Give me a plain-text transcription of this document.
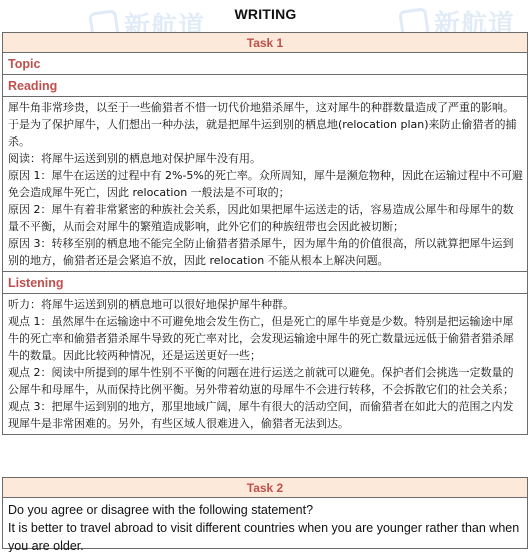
WRITING
新航道	新航道
Task 1
Topic
Reading

犀牛角非常珍贵，以至于一些偷猎者不惜一切代价地猎杀犀牛，这对犀牛的种群数量造成了严重的影响。于是为了保护犀牛，人们想出一种办法，就是把犀牛运到别的栖息地(relocation plan)来防止偷猎者的捕杀。

阅读：将犀牛运送到别的栖息地对保护犀牛没有用。

原因 1：犀牛在运送的过程中有 2%-5%的死亡率。众所周知，犀牛是濒危物种，因此在运输过程中不可避免会造成犀牛死亡，因此 relocation 一般法是不可取的；

原因 2：犀牛有着非常紧密的种族社会关系，因此如果把犀牛运送走的话，容易造成公犀牛和母犀牛的数量不平衡，从而会对犀牛的繁殖造成影响，此外它们的种族纽带也会因此被切断；

原因 3：转移至别的栖息地不能完全防止偷猎者猎杀犀牛，因为犀牛角的价值很高，所以就算把犀牛运到别的地方，偷猎者还是会紧追不放，因此 relocation 不能从根本上解决问题。

Listening

听力：将犀牛运送到别的栖息地可以很好地保护犀牛种群。

观点 1：虽然犀牛在运输途中不可避免地会发生伤亡，但是死亡的犀牛毕竟是少数。特别是把运输途中犀牛的死亡率和偷猎者猎杀犀牛导致的死亡率对比，会发现运输途中犀牛的死亡数量远远低于偷猎者猎杀犀牛的数量。因此比较两种情况，还是运送更好一些；

观点 2：阅读中所提到的犀牛性别不平衡的问题在进行运送之前就可以避免。保护者们会挑选一定数量的公犀牛和母犀牛，从而保持比例平衡。另外带着幼崽的母犀牛不会进行转移，不会拆散它们的社会关系；

观点 3：把犀牛运到别的地方，那里地域广阔，犀牛有很大的活动空间，而偷猎者在如此大的范围之内发现犀牛是非常困难的。另外，有些区域人很难进入，偷猎者无法到达。

Task 2

Do you agree or disagree with the following statement?

It is better to travel abroad to visit different countries when you are younger rather than when you are older.
